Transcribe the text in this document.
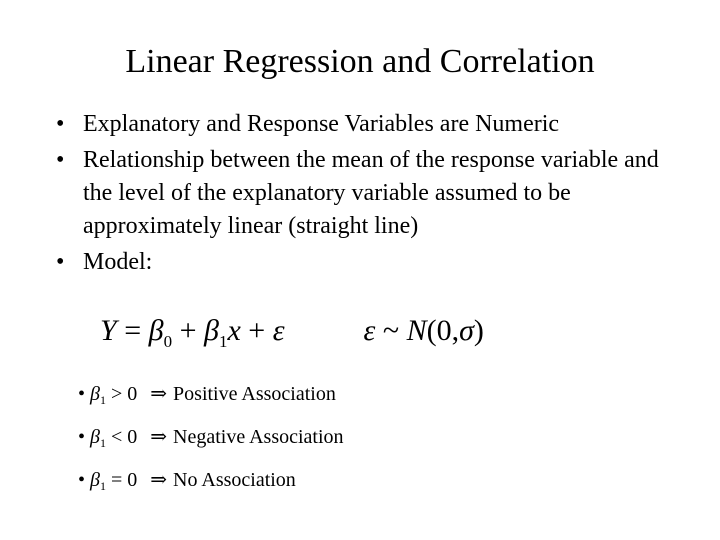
Linear Regression and Correlation
• Explanatory and Response Variables are Numeric
• Relationship between the mean of the response variable and the level of the explanatory variable assumed to be approximately linear (straight line)
• Model:
$Y = \beta_0 + \beta_1x + \varepsilon$	ε ~ N(0,σ)
• $\beta_1 > 0$ ⇒ Positive Association
• $\beta_1 < 0$ ⇒ Negative Association
• $\beta_1 = 0$ ⇒ No Association
